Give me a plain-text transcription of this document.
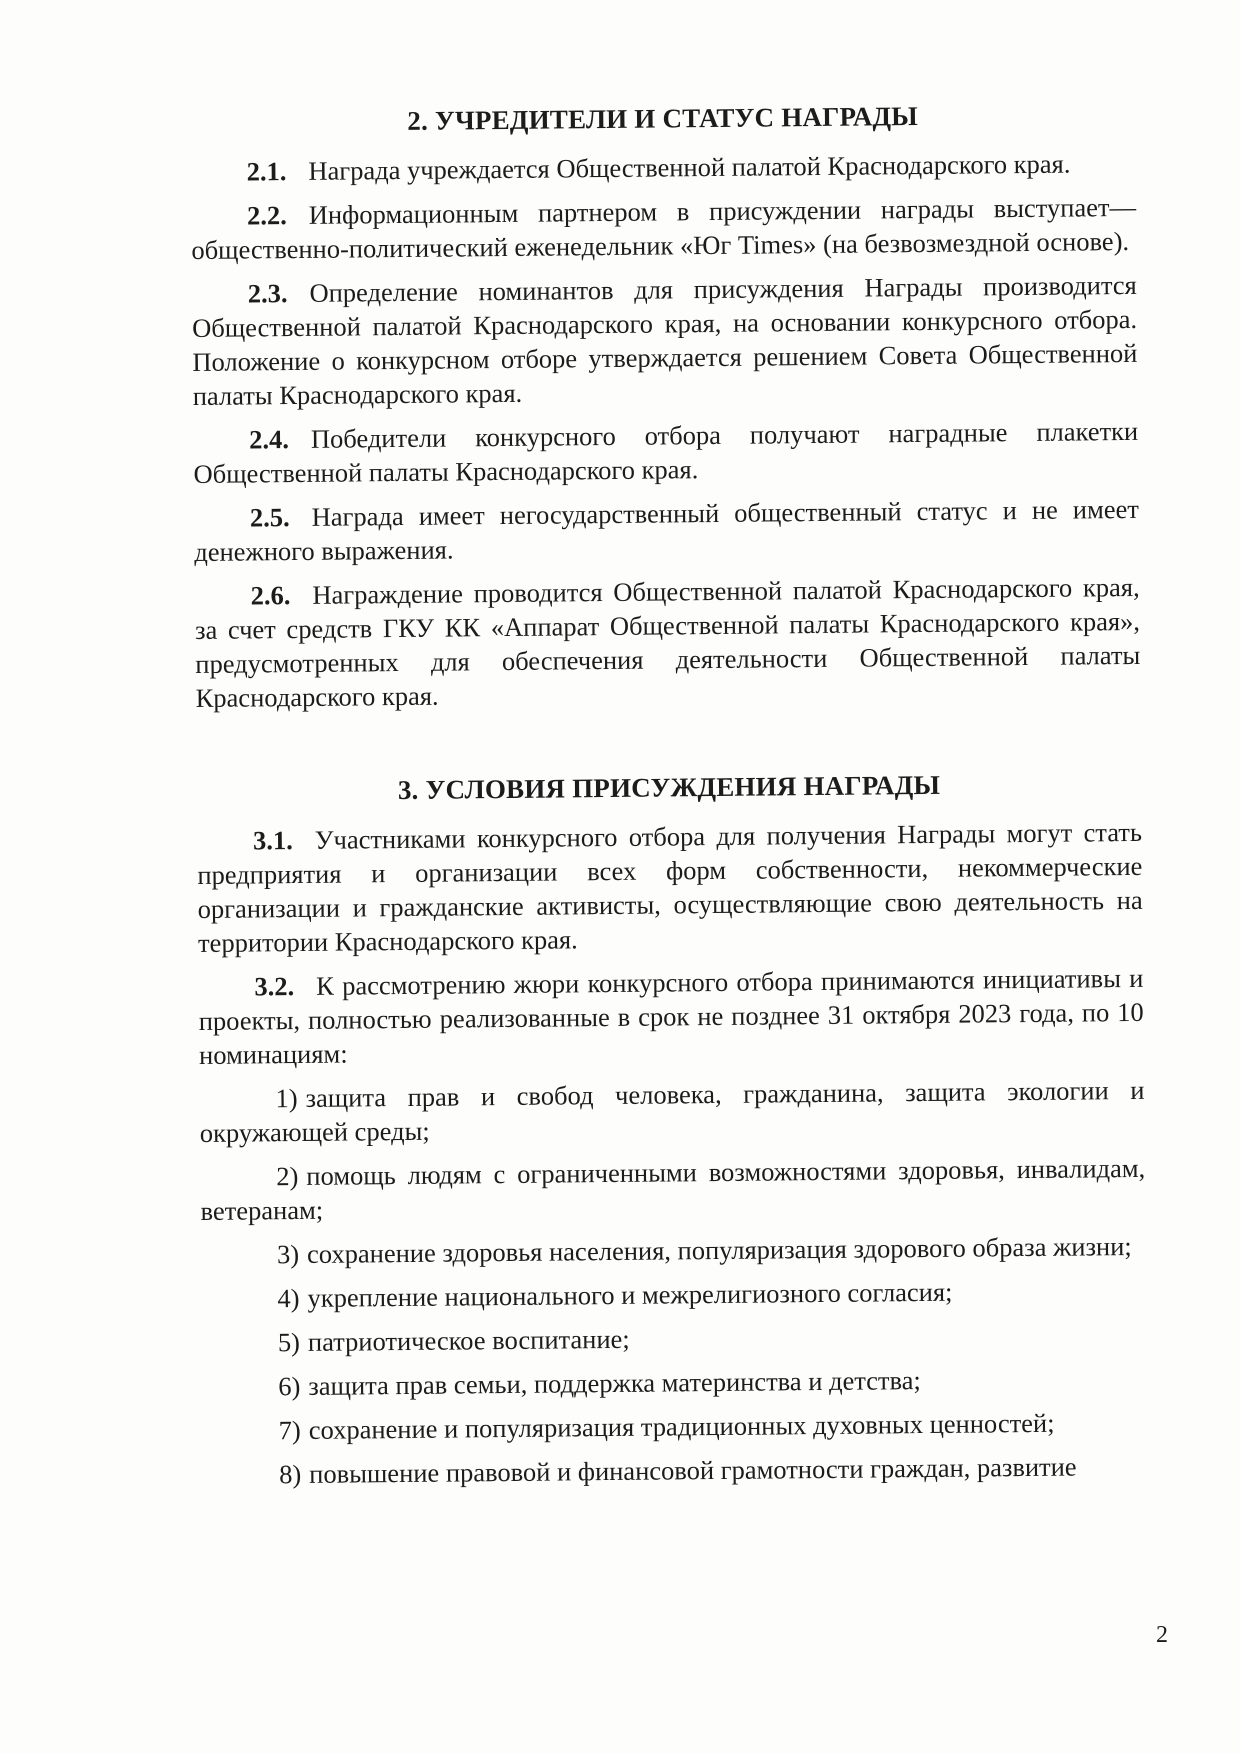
2. УЧРЕДИТЕЛИ И СТАТУС НАГРАДЫ

2.1. Награда учреждается Общественной палатой Краснодарского края.

2.2. Информационным партнером в присуждении награды выступает— общественно-политический еженедельник «Юг Times» (на безвозмездной основе).

2.3. Определение номинантов для присуждения Награды производится Общественной палатой Краснодарского края, на основании конкурсного отбора. Положение о конкурсном отборе утверждается решением Совета Общественной палаты Краснодарского края.

2.4. Победители конкурсного отбора получают наградные плакетки Общественной палаты Краснодарского края.

2.5. Награда имеет негосударственный общественный статус и не имеет денежного выражения.

2.6. Награждение проводится Общественной палатой Краснодарского края, за счет средств ГКУ КК «Аппарат Общественной палаты Краснодарского края», предусмотренных для обеспечения деятельности Общественной палаты Краснодарского края.

3. УСЛОВИЯ ПРИСУЖДЕНИЯ НАГРАДЫ

3.1. Участниками конкурсного отбора для получения Награды могут стать предприятия и организации всех форм собственности, некоммерческие организации и гражданские активисты, осуществляющие свою деятельность на территории Краснодарского края.

3.2. К рассмотрению жюри конкурсного отбора принимаются инициативы и проекты, полностью реализованные в срок не позднее 31 октября 2023 года, по 10 номинациям:

1) защита прав и свобод человека, гражданина, защита экологии и окружающей среды;

2) помощь людям с ограниченными возможностями здоровья, инвалидам, ветеранам;

3) сохранение здоровья населения, популяризация здорового образа жизни;

4) укрепление национального и межрелигиозного согласия;

5) патриотическое воспитание;

6) защита прав семьи, поддержка материнства и детства;

7) сохранение и популяризация традиционных духовных ценностей;

8) повышение правовой и финансовой грамотности граждан, развитие

2
